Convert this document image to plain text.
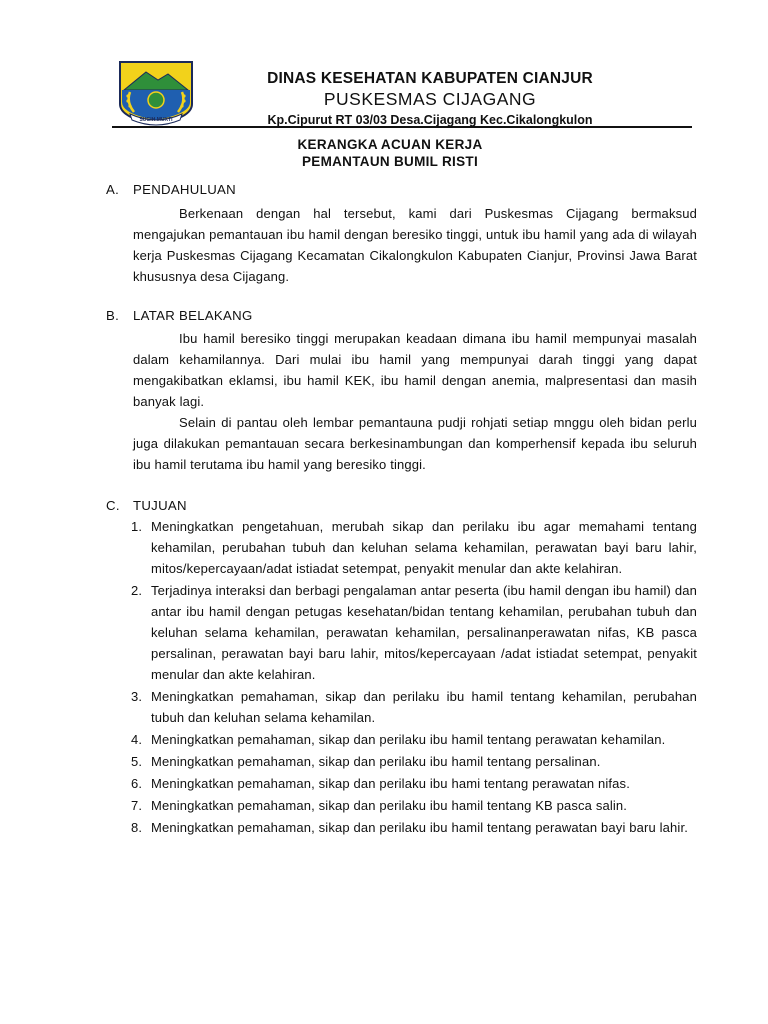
SUGIH MUKTI
DINAS KESEHATAN KABUPATEN CIANJUR
PUSKESMAS CIJAGANG
Kp.Cipurut RT 03/03 Desa.Cijagang Kec.Cikalongkulon
KERANGKA ACUAN KERJA
PEMANTAUN BUMIL RISTI
A. PENDAHULUAN
Berkenaan dengan hal tersebut, kami dari Puskesmas Cijagang bermaksud mengajukan pemantauan ibu hamil dengan beresiko tinggi, untuk ibu hamil yang ada di wilayah kerja Puskesmas Cijagang Kecamatan Cikalongkulon Kabupaten Cianjur, Provinsi Jawa Barat khususnya desa Cijagang.
B. LATAR BELAKANG
Ibu hamil beresiko tinggi merupakan keadaan dimana ibu hamil mempunyai masalah dalam kehamilannya. Dari mulai ibu hamil yang mempunyai darah tinggi yang dapat mengakibatkan eklamsi, ibu hamil KEK, ibu hamil dengan anemia, malpresentasi dan masih banyak lagi.
Selain di pantau oleh lembar pemantauna pudji rohjati setiap mnggu oleh bidan perlu juga dilakukan pemantauan secara berkesinambungan dan komperhensif kepada ibu seluruh ibu hamil terutama ibu hamil yang beresiko tinggi.
C. TUJUAN
1. Meningkatkan pengetahuan, merubah sikap dan perilaku ibu agar memahami tentang kehamilan, perubahan tubuh dan keluhan selama kehamilan, perawatan bayi baru lahir, mitos/kepercayaan/adat istiadat setempat, penyakit menular dan akte kelahiran.
2. Terjadinya interaksi dan berbagi pengalaman antar peserta (ibu hamil dengan ibu hamil) dan antar ibu hamil dengan petugas kesehatan/bidan tentang kehamilan, perubahan tubuh dan keluhan selama kehamilan, perawatan kehamilan, persalinanperawatan nifas, KB pasca persalinan, perawatan bayi baru lahir, mitos/kepercayaan /adat istiadat setempat, penyakit menular dan akte kelahiran.
3. Meningkatkan pemahaman, sikap dan perilaku ibu hamil tentang kehamilan, perubahan tubuh dan keluhan selama kehamilan.
4. Meningkatkan pemahaman, sikap dan perilaku ibu hamil tentang perawatan kehamilan.
5. Meningkatkan pemahaman, sikap dan perilaku ibu hamil tentang persalinan.
6. Meningkatkan pemahaman, sikap dan perilaku ibu hami tentang perawatan nifas.
7. Meningkatkan pemahaman, sikap dan perilaku ibu hamil tentang KB pasca salin.
8. Meningkatkan pemahaman, sikap dan perilaku ibu hamil tentang perawatan bayi baru lahir.
